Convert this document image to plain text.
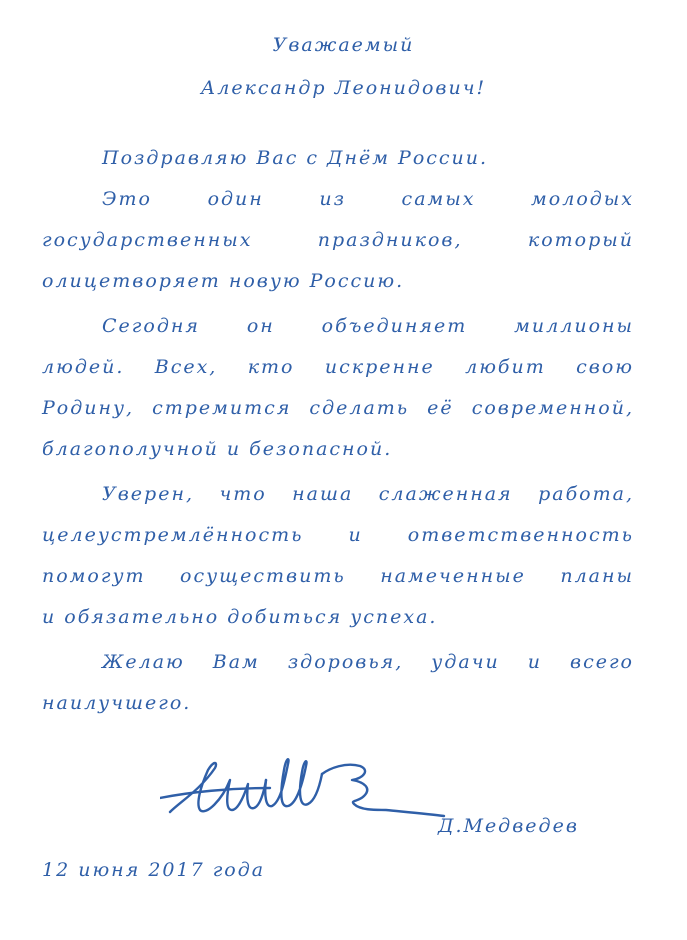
Уважаемый
Александр Леонидович!
Поздравляю Вас с Днём России.
Это один из самых молодых
государственных праздников, который
олицетворяет новую Россию.
Сегодня он объединяет миллионы
людей. Всех, кто искренне любит свою
Родину, стремится сделать её современной,
благополучной и безопасной.
Уверен, что наша слаженная работа,
целеустремлённость и ответственность
помогут осуществить намеченные планы
и обязательно добиться успеха.
Желаю Вам здоровья, удачи и всего
наилучшего.
Д.Медведев
12 июня 2017 года
